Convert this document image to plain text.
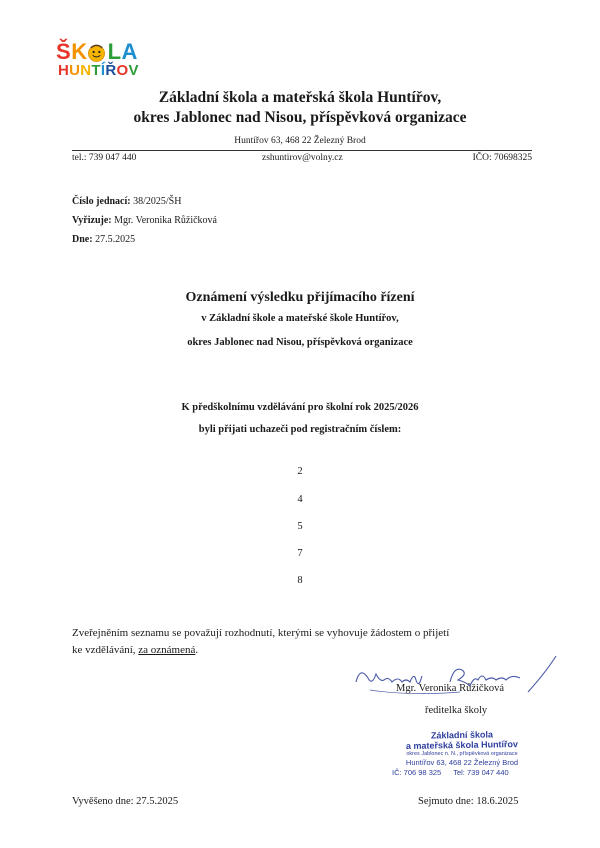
ŠK LA
HUNTÍŘOV
Základní škola a mateřská škola Huntířov,
okres Jablonec nad Nisou, příspěvková organizace
Huntířov 63, 468 22 Železný Brod
tel.: 739 047 440	zshuntirov@volny.cz	IČO: 70698325
Číslo jednací: 38/2025/ŠH
Vyřizuje: Mgr. Veronika Růžičková
Dne: 27.5.2025
Oznámení výsledku přijímacího řízení
v Základní škole a mateřské škole Huntířov,
okres Jablonec nad Nisou, příspěvková organizace
K předškolnímu vzdělávání pro školní rok 2025/2026
byli přijati uchazeči pod registračním číslem:
2
4
5
7
8
Zveřejněním seznamu se považují rozhodnutí, kterými se vyhovuje žádostem o přijetí
ke vzdělávání, za oznámená.
Mgr. Veronika Růžičková
ředitelka školy
Základní škola
a mateřská škola Huntířov
okres Jablonec n. N., příspěvková organizace
Huntířov 63, 468 22 Železný Brod
IČ: 706 98 325 Tel: 739 047 440
Vyvěšeno dne: 27.5.2025	Sejmuto dne: 18.6.2025
